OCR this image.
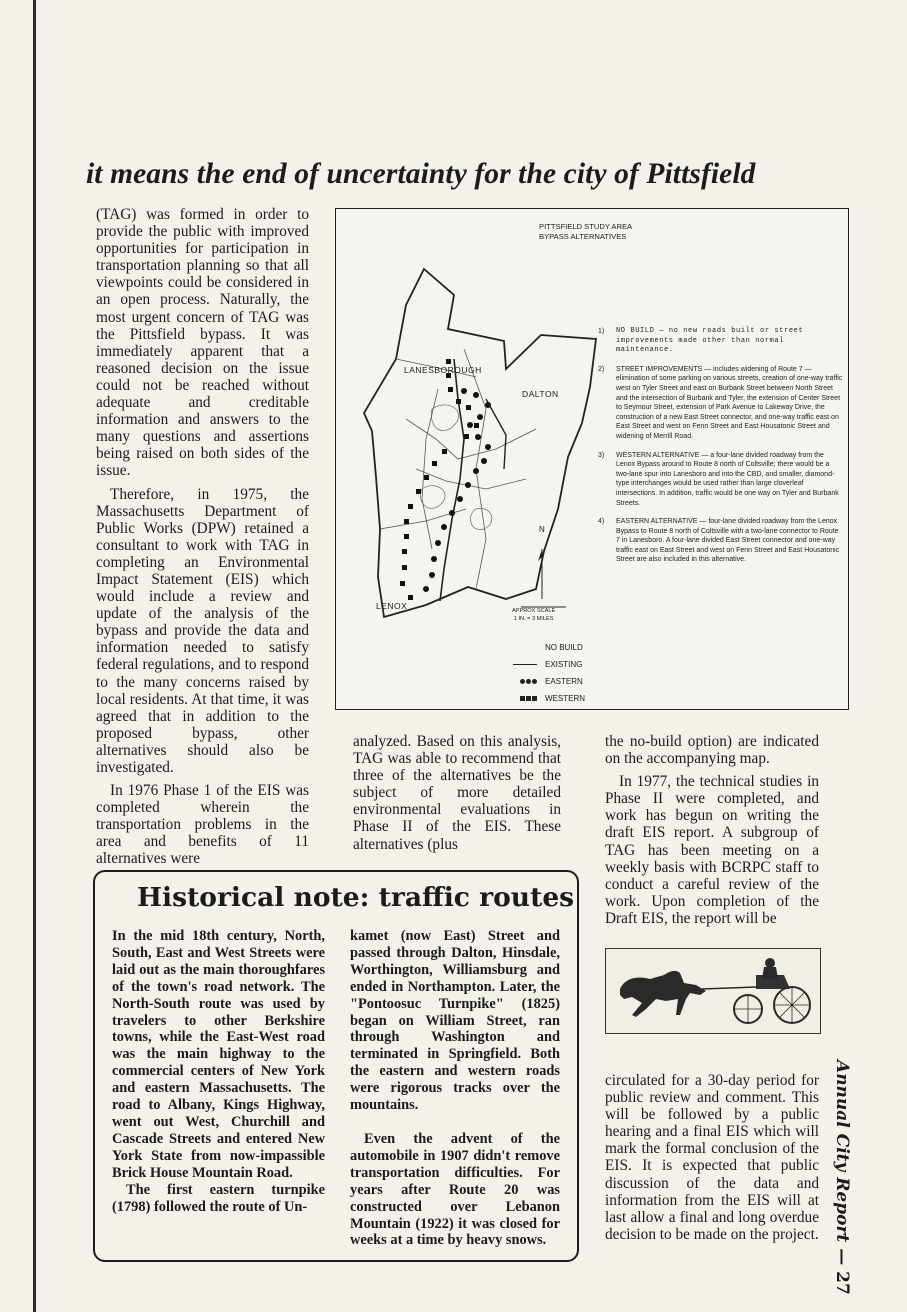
it means the end of uncertainty for the city of Pittsfield

(TAG) was formed in order to provide the public with improved opportunities for participation in transportation planning so that all viewpoints could be considered in an open process. Naturally, the most urgent concern of TAG was the Pittsfield bypass. It was immediately apparent that a reasoned decision on the issue could not be reached without adequate and creditable information and answers to the many questions and assertions being raised on both sides of the issue.

Therefore, in 1975, the Massachusetts Department of Public Works (DPW) retained a consultant to work with TAG in completing an Environmental Impact Statement (EIS) which would include a review and update of the analysis of the bypass and provide the data and information needed to satisfy federal regulations, and to respond to the many concerns raised by local residents. At that time, it was agreed that in addition to the proposed bypass, other alternatives should also be investigated.

In 1976 Phase 1 of the EIS was completed wherein the transportation problems in the area and benefits of 11 alternatives were

PITTSFIELD STUDY AREA
BYPASS ALTERNATIVES
LANESBOROUGH
DALTON
LENOX
N
APPROX SCALE
1 IN. = 3 MILES
NO BUILD
EXISTING
EASTERN
WESTERN
1)	NO BUILD — no new roads built or street improvements made other than normal maintenance.
2)	STREET IMPROVEMENTS — includes widening of Route 7 — elimination of some parking on various streets, creation of one-way traffic west on Tyler Street and east on Burbank Street between North Street and the intersection of Burbank and Tyler, the extension of Center Street to Seymour Street, extension of Park Avenue to Lakeway Drive, the construction of a new East Street connector, and one-way traffic east on East Street and west on Fenn Street and East Housatonic Street and widening of Merrill Road.
3)	WESTERN ALTERNATIVE — a four-lane divided roadway from the Lenox Bypass around to Route 8 north of Coltsville; there would be a two-lane spur into Lanesboro and into the CBD, and smaller, diamond-type interchanges would be used rather than large cloverleaf intersections. In addition, traffic would be one way on Tyler and Burbank Streets.
4)	EASTERN ALTERNATIVE — four-lane divided roadway from the Lenox Bypass to Route 8 north of Coltsville with a two-lane connector to Route 7 in Lanesboro. A four-lane divided East Street connector and one-way traffic east on East Street and west on Fenn Street and East Housatonic Street are also included in this alternative.

analyzed. Based on this analysis, TAG was able to recommend that three of the alternatives be the subject of more detailed environmental evaluations in Phase II of the EIS. These alternatives (plus

the no-build option) are indicated on the accompanying map.

In 1977, the technical studies in Phase II were completed, and work has begun on writing the draft EIS report. A subgroup of TAG has been meeting on a weekly basis with BCRPC staff to conduct a careful review of the work. Upon completion of the Draft EIS, the report will be

circulated for a 30-day period for public review and comment. This will be followed by a public hearing and a final EIS which will mark the formal conclusion of the EIS. It is expected that public discussion of the data and information from the EIS will at last allow a final and long overdue decision to be made on the project.

Historical note: traffic routes

In the mid 18th century, North, South, East and West Streets were laid out as the main thoroughfares of the town's road network. The North-South route was used by travelers to other Berkshire towns, while the East-West road was the main highway to the commercial centers of New York and eastern Massachusetts. The road to Albany, Kings Highway, went out West, Churchill and Cascade Streets and entered New York State from now-impassible Brick House Mountain Road.

The first eastern turnpike (1798) followed the route of Un-

kamet (now East) Street and passed through Dalton, Hinsdale, Worthington, Williamsburg and ended in Northampton. Later, the "Pontoosuc Turnpike" (1825) began on William Street, ran through Washington and terminated in Springfield. Both the eastern and western roads were rigorous tracks over the mountains.

Even the advent of the automobile in 1907 didn't remove transportation difficulties. For years after Route 20 was constructed over Lebanon Mountain (1922) it was closed for weeks at a time by heavy snows.	Annual City Report — 27
